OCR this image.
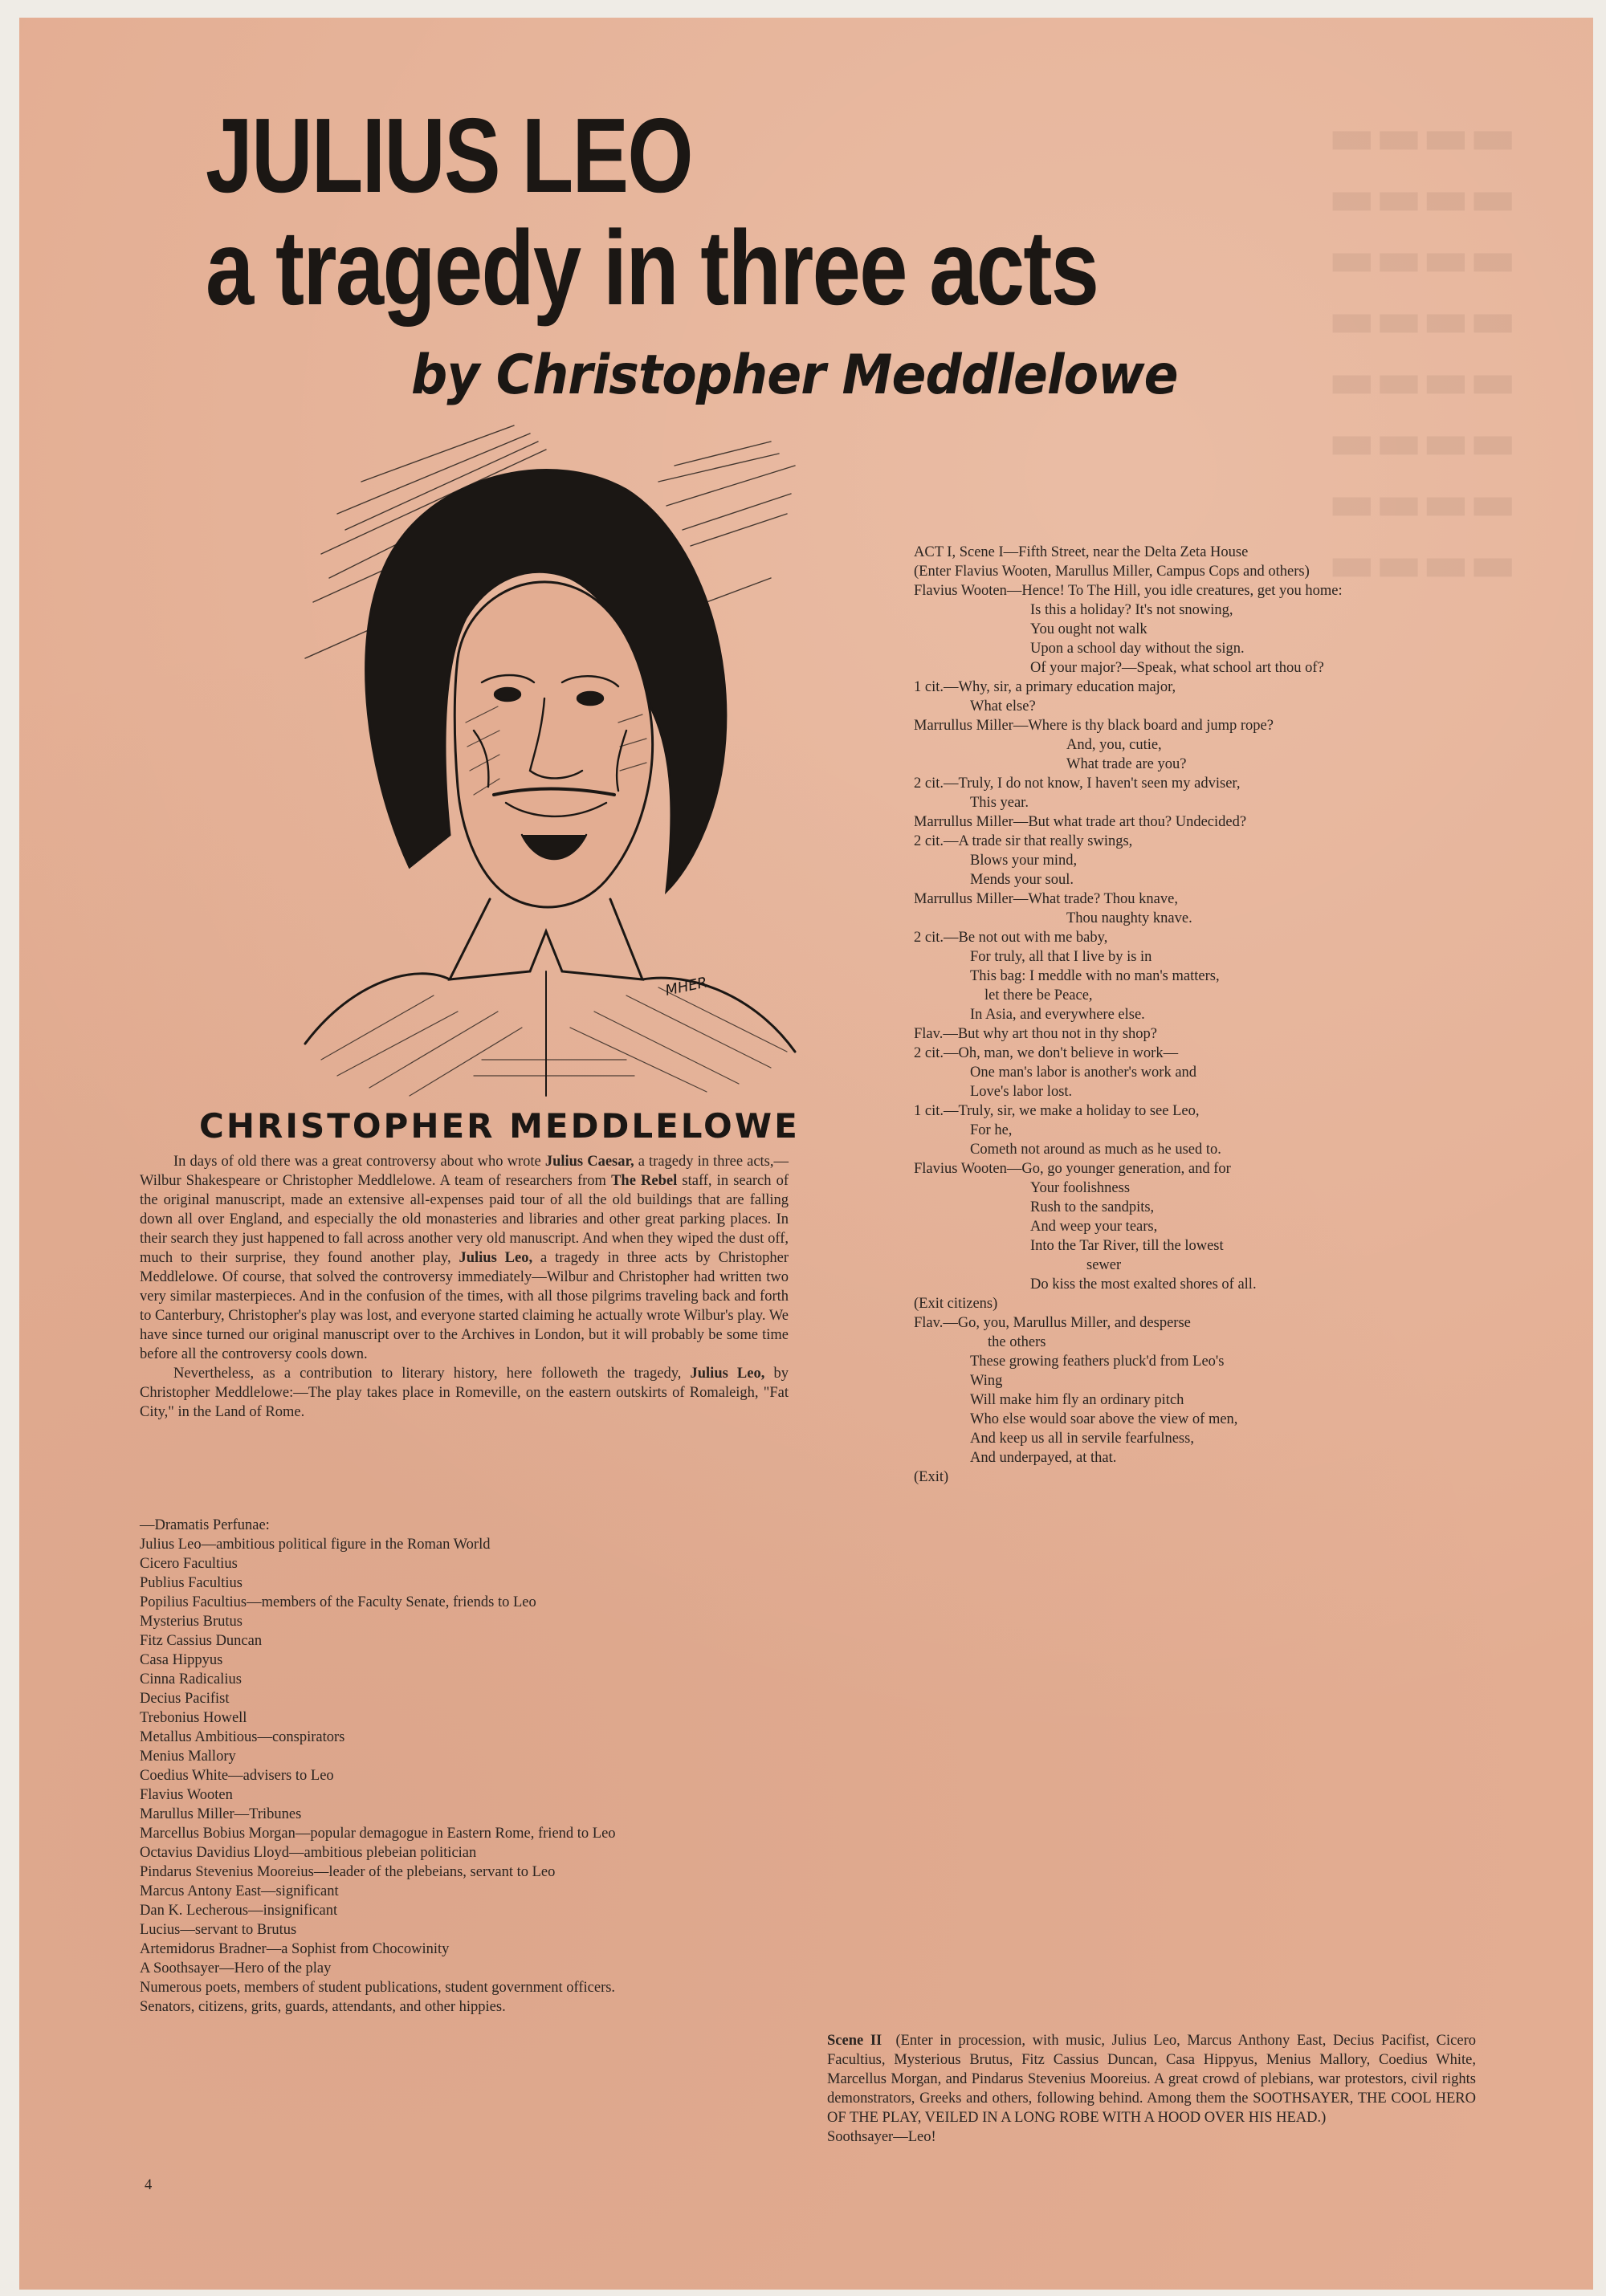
▬▬▬▬
▬▬▬▬
▬▬▬▬
▬▬▬▬
▬▬▬▬
▬▬▬▬
▬▬▬▬
▬▬▬▬
JULIUS LEO
a tragedy in three acts
by Christopher Meddlelowe
MHER
CHRISTOPHER MEDDLELOWE

In days of old there was a great controversy about who wrote Julius Caesar, a tragedy in three acts,—Wilbur Shakespeare or Christopher Meddlelowe. A team of researchers from The Rebel staff, in search of the original manuscript, made an extensive all-expenses paid tour of all the old buildings that are falling down all over England, and especially the old monasteries and libraries and other great parking places. In their search they just happened to fall across another very old manuscript. And when they wiped the dust off, much to their surprise, they found another play, Julius Leo, a tragedy in three acts by Christopher Meddlelowe. Of course, that solved the controversy immediately—Wilbur and Christopher had written two very similar masterpieces. And in the confusion of the times, with all those pilgrims traveling back and forth to Canterbury, Christopher's play was lost, and everyone started claiming he actually wrote Wilbur's play. We have since turned our original manuscript over to the Archives in London, but it will probably be some time before all the controversy cools down.

Nevertheless, as a contribution to literary history, here followeth the tragedy, Julius Leo, by Christopher Meddlelowe:—The play takes place in Romeville, on the eastern outskirts of Romaleigh, "Fat City," in the Land of Rome.

—Dramatis Perfunae:
Julius Leo—ambitious political figure in the Roman World
Cicero Facultius
Publius Facultius
Popilius Facultius—members of the Faculty Senate, friends to Leo
Mysterius Brutus
Fitz Cassius Duncan
Casa Hippyus
Cinna Radicalius
Decius Pacifist
Trebonius Howell
Metallus Ambitious—conspirators
Menius Mallory
Coedius White—advisers to Leo
Flavius Wooten
Marullus Miller—Tribunes
Marcellus Bobius Morgan—popular demagogue in Eastern Rome, friend to Leo
Octavius Davidius Lloyd—ambitious plebeian politician
Pindarus Stevenius Mooreius—leader of the plebeians, servant to Leo
Marcus Antony East—significant
Dan K. Lecherous—insignificant
Lucius—servant to Brutus
Artemidorus Bradner—a Sophist from Chocowinity
A Soothsayer—Hero of the play
Numerous poets, members of student publications, student government officers.
Senators, citizens, grits, guards, attendants, and other hippies.
ACT I, Scene I—Fifth Street, near the Delta Zeta House
(Enter Flavius Wooten, Marullus Miller, Campus Cops and others)
Flavius Wooten—Hence! To The Hill, you idle creatures, get you home:
Is this a holiday? It's not snowing,
You ought not walk
Upon a school day without the sign.
Of your major?—Speak, what school art thou of?
1 cit.—Why, sir, a primary education major,
What else?
Marrullus Miller—Where is thy black board and jump rope?
And, you, cutie,
What trade are you?
2 cit.—Truly, I do not know, I haven't seen my adviser,
This year.
Marrullus Miller—But what trade art thou? Undecided?
2 cit.—A trade sir that really swings,
Blows your mind,
Mends your soul.
Marrullus Miller—What trade? Thou knave,
Thou naughty knave.
2 cit.—Be not out with me baby,
For truly, all that I live by is in
This bag: I meddle with no man's matters,
let there be Peace,
In Asia, and everywhere else.
Flav.—But why art thou not in thy shop?
2 cit.—Oh, man, we don't believe in work—
One man's labor is another's work and
Love's labor lost.
1 cit.—Truly, sir, we make a holiday to see Leo,
For he,
Cometh not around as much as he used to.
Flavius Wooten—Go, go younger generation, and for
Your foolishness
Rush to the sandpits,
And weep your tears,
Into the Tar River, till the lowest
sewer
Do kiss the most exalted shores of all.
(Exit citizens)
Flav.—Go, you, Marullus Miller, and desperse
the others
These growing feathers pluck'd from Leo's
Wing
Will make him fly an ordinary pitch
Who else would soar above the view of men,
And keep us all in servile fearfulness,
And underpayed, at that.
(Exit)

Scene II (Enter in procession, with music, Julius Leo, Marcus Anthony East, Decius Pacifist, Cicero Facultius, Mysterious Brutus, Fitz Cassius Duncan, Casa Hippyus, Menius Mallory, Coedius White, Marcellus Morgan, and Pindarus Stevenius Mooreius. A great crowd of plebians, war protestors, civil rights demonstrators, Greeks and others, following behind. Among them the SOOTHSAYER, THE COOL HERO OF THE PLAY, VEILED IN A LONG ROBE WITH A HOOD OVER HIS HEAD.)

Soothsayer—Leo!

4
